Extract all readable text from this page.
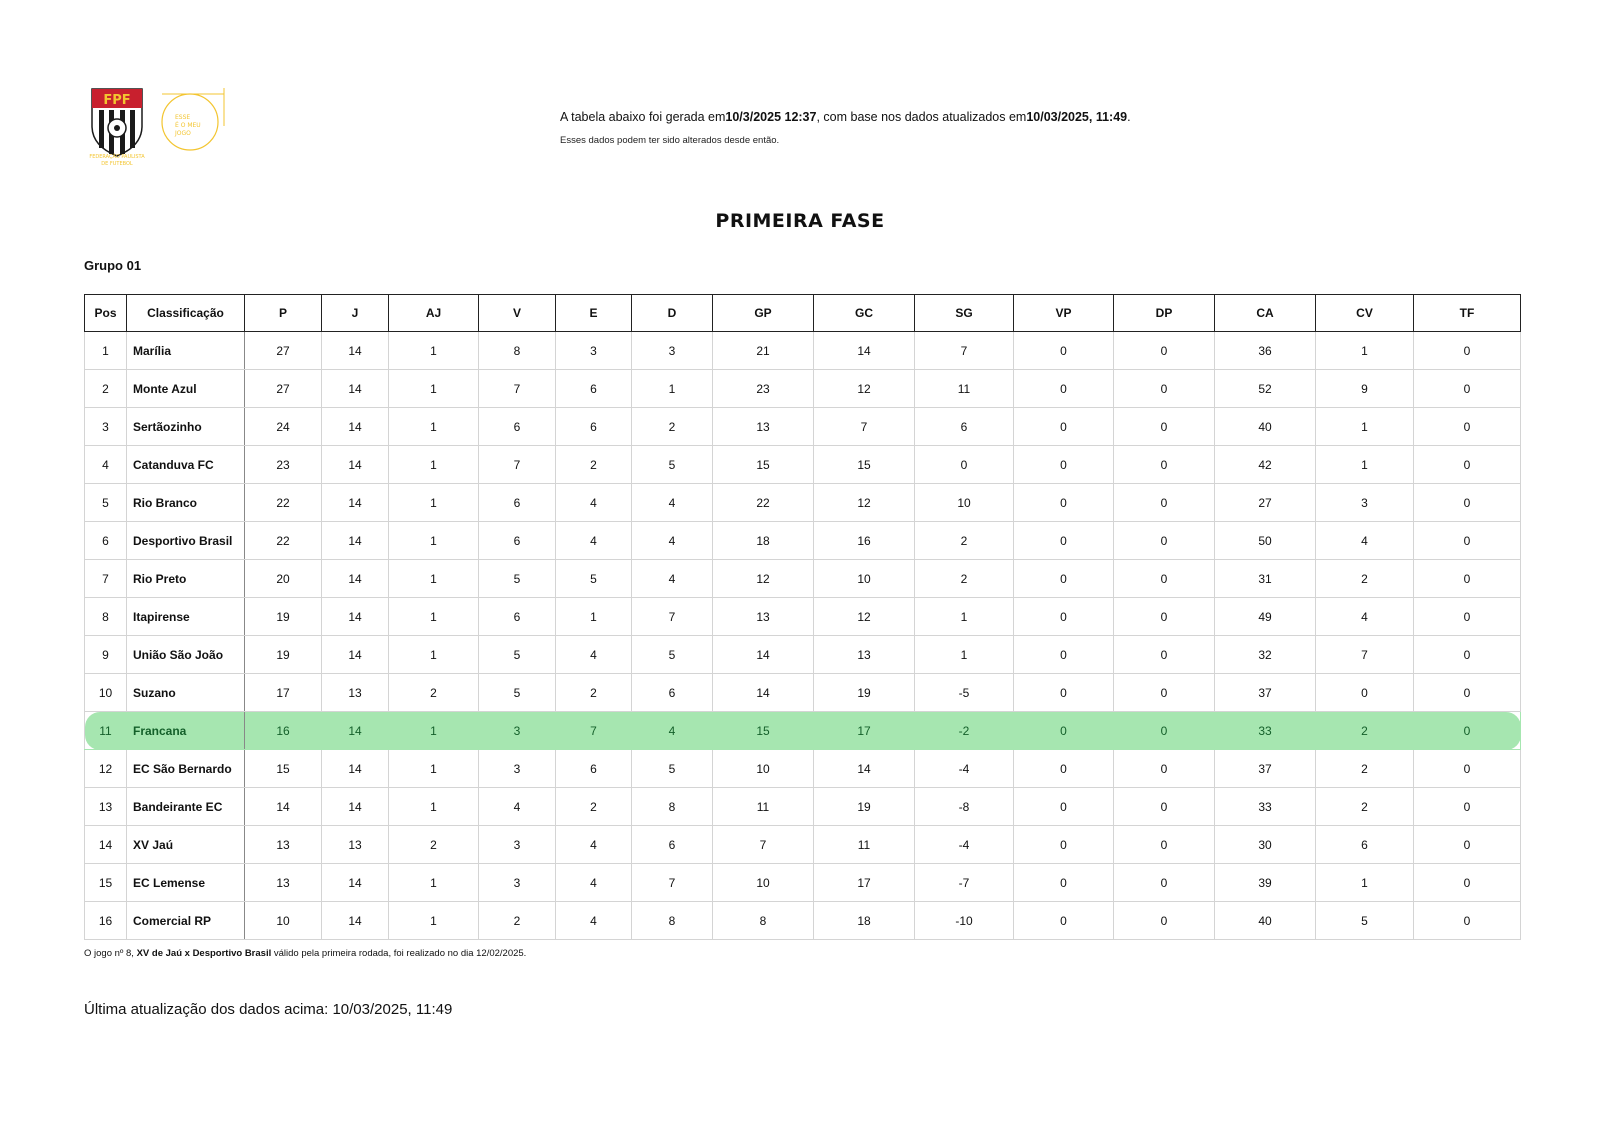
FPF
FEDERAÇÃO PAULISTA
DE FUTEBOL
ESSE
É O MEU
JOGO
A tabela abaixo foi gerada em10/3/2025 12:37, com base nos dados atualizados em10/03/2025, 11:49.
Esses dados podem ter sido alterados desde então.
PRIMEIRA FASE
Grupo 01
Pos	Classificação	P	J	AJ	V	E	D	GP	GC	SG	VP	DP	CA	CV	TF
1	Marília	27	14	1	8	3	3	21	14	7	0	0	36	1	0
2	Monte Azul	27	14	1	7	6	1	23	12	11	0	0	52	9	0
3	Sertãozinho	24	14	1	6	6	2	13	7	6	0	0	40	1	0
4	Catanduva FC	23	14	1	7	2	5	15	15	0	0	0	42	1	0
5	Rio Branco	22	14	1	6	4	4	22	12	10	0	0	27	3	0
6	Desportivo Brasil	22	14	1	6	4	4	18	16	2	0	0	50	4	0
7	Rio Preto	20	14	1	5	5	4	12	10	2	0	0	31	2	0
8	Itapirense	19	14	1	6	1	7	13	12	1	0	0	49	4	0
9	União São João	19	14	1	5	4	5	14	13	1	0	0	32	7	0
10	Suzano	17	13	2	5	2	6	14	19	-5	0	0	37	0	0
11	Francana	16	14	1	3	7	4	15	17	-2	0	0	33	2	0
12	EC São Bernardo	15	14	1	3	6	5	10	14	-4	0	0	37	2	0
13	Bandeirante EC	14	14	1	4	2	8	11	19	-8	0	0	33	2	0
14	XV Jaú	13	13	2	3	4	6	7	11	-4	0	0	30	6	0
15	EC Lemense	13	14	1	3	4	7	10	17	-7	0	0	39	1	0
16	Comercial RP	10	14	1	2	4	8	8	18	-10	0	0	40	5	0
O jogo nº 8, XV de Jaú x Desportivo Brasil válido pela primeira rodada, foi realizado no dia 12/02/2025.
Última atualização dos dados acima: 10/03/2025, 11:49
